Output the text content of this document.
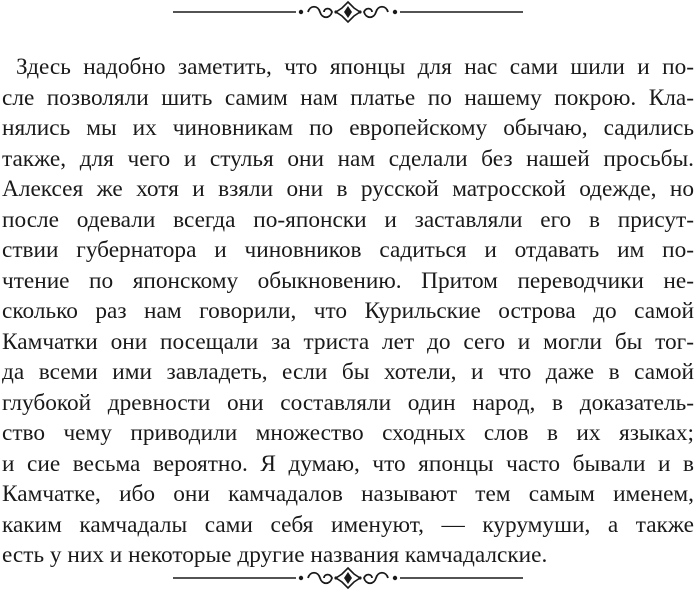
Здесь надобно заметить, что японцы для нас сами шили и по-
сле позволяли шить самим нам платье по нашему покрою. Кла-
нялись мы их чиновникам по европейскому обычаю, садились
также, для чего и стулья они нам сделали без нашей просьбы.
Алексея же хотя и взяли они в русской матросской одежде, но
после одевали всегда по-японски и заставляли его в присут-
ствии губернатора и чиновников садиться и отдавать им по-
чтение по японскому обыкновению. Притом переводчики не-
сколько раз нам говорили, что Курильские острова до самой
Камчатки они посещали за триста лет до сего и могли бы тог-
да всеми ими завладеть, если бы хотели, и что даже в самой
глубокой древности они составляли один народ, в доказатель-
ство чему приводили множество сходных слов в их языках;
и сие весьма вероятно. Я думаю, что японцы часто бывали и в
Камчатке, ибо они камчадалов называют тем самым именем,
каким камчадалы сами себя именуют, — курумуши, а также
есть у них и некоторые другие названия камчадалские.
